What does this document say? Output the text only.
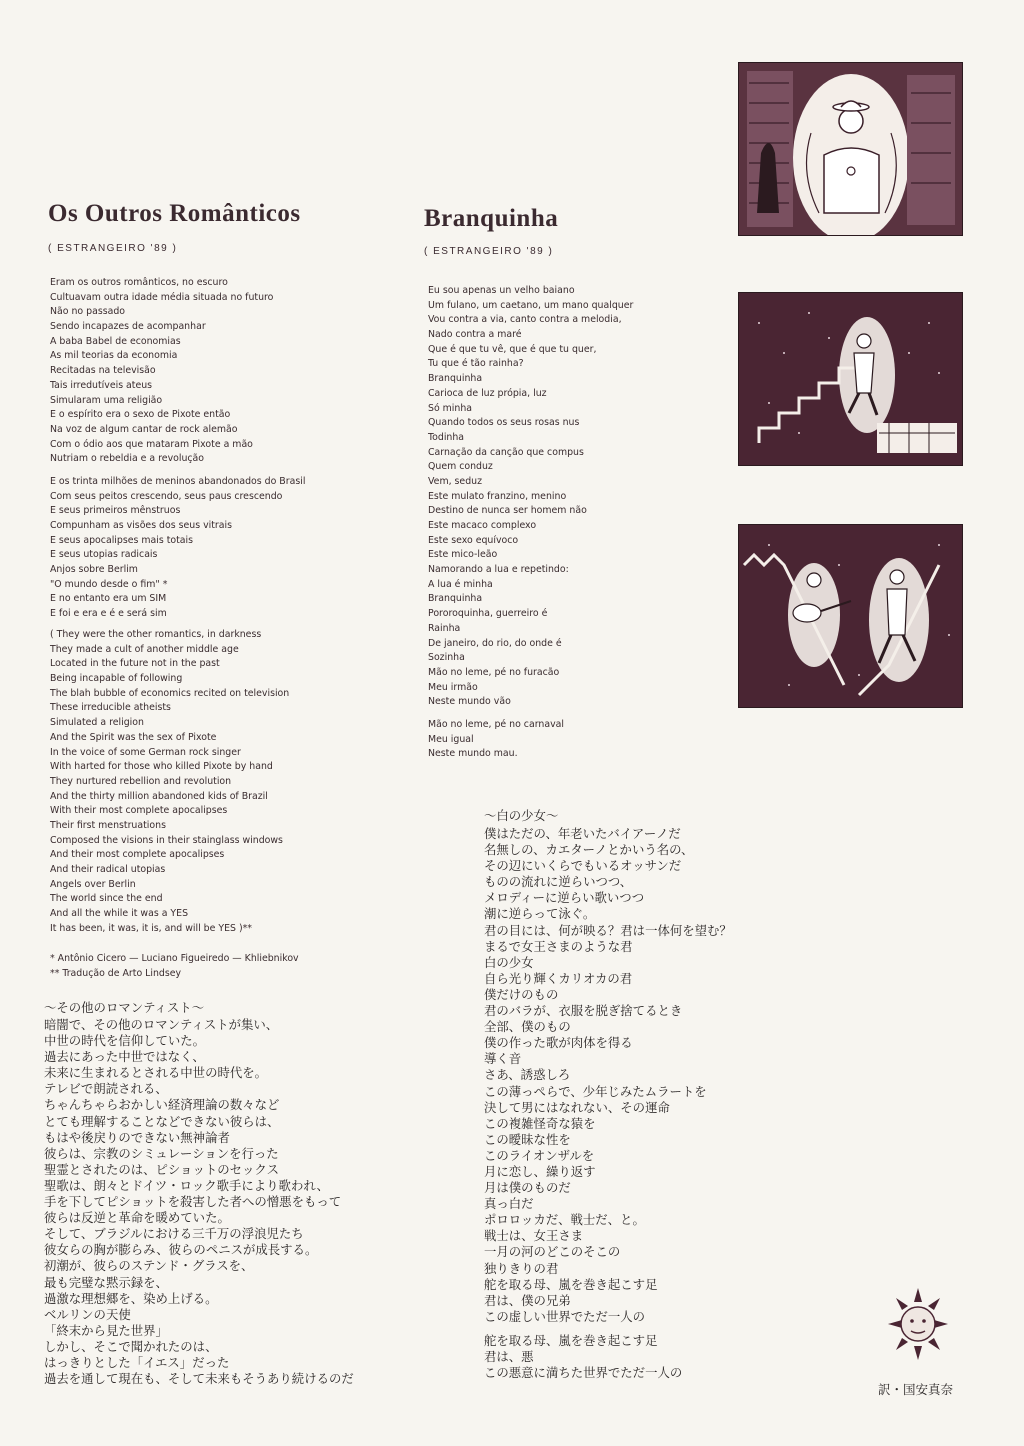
Os Outros Românticos
( ESTRANGEIRO '89 )
Branquinha
( ESTRANGEIRO '89 )
Eram os outros românticos, no escuro
Cultuavam outra idade média situada no futuro
Não no passado
Sendo incapazes de acompanhar
A baba Babel de economias
As mil teorias da economia
Recitadas na televisão
Tais irredutíveis ateus
Simularam uma religião
E o espírito era o sexo de Pixote então
Na voz de algum cantar de rock alemão
Com o ódio aos que mataram Pixote a mão
Nutriam o rebeldia e a revolução
E os trinta milhões de meninos abandonados do Brasil
Com seus peitos crescendo, seus paus crescendo
E seus primeiros mênstruos
Compunham as visões dos seus vitrais
E seus apocalipses mais totais
E seus utopias radicais
Anjos sobre Berlim
"O mundo desde o fim" *
E no entanto era um SIM
E foi e era e é e será sim
( They were the other romantics, in darkness
They made a cult of another middle age
Located in the future not in the past
Being incapable of following
The blah bubble of economics recited on television
These irreducible atheists
Simulated a religion
And the Spirit was the sex of Pixote
In the voice of some German rock singer
With harted for those who killed Pixote by hand
They nurtured rebellion and revolution
And the thirty million abandoned kids of Brazil
With their most complete apocalipses
Their first menstruations
Composed the visions in their stainglass windows
And their most complete apocalipses
And their radical utopias
Angels over Berlin
The world since the end
And all the while it was a YES
It has been, it was, it is, and will be YES )**
* Antônio Cicero — Luciano Figueiredo — Khliebnikov
** Tradução de Arto Lindsey
〜その他のロマンティスト〜
暗闇で、その他のロマンティストが集い、
中世の時代を信仰していた。
過去にあった中世ではなく、
未来に生まれるとされる中世の時代を。
テレビで朗読される、
ちゃんちゃらおかしい経済理論の数々など
とても理解することなどできない彼らは、
もはや後戻りのできない無神論者
彼らは、宗教のシミュレーションを行った
聖霊とされたのは、ピショットのセックス
聖歌は、朗々とドイツ・ロック歌手により歌われ、
手を下してピショットを殺害した者への憎悪をもって
彼らは反逆と革命を暖めていた。
そして、ブラジルにおける三千万の浮浪児たち
彼女らの胸が膨らみ、彼らのペニスが成長する。
初潮が、彼らのステンド・グラスを、
最も完璧な黙示録を、
過激な理想郷を、染め上げる。
ベルリンの天使
「終末から見た世界」
しかし、そこで聞かれたのは、
はっきりとした「イエス」だった
過去を通して現在も、そして未来もそうあり続けるのだ
Eu sou apenas un velho baiano
Um fulano, um caetano, um mano qualquer
Vou contra a via, canto contra a melodia,
Nado contra a maré
Que é que tu vê, que é que tu quer,
Tu que é tão rainha?
Branquinha
Carioca de luz própia, luz
Só minha
Quando todos os seus rosas nus
Todinha
Carnação da canção que compus
Quem conduz
Vem, seduz
Este mulato franzino, menino
Destino de nunca ser homem não
Este macaco complexo
Este sexo equívoco
Este mico-leão
Namorando a lua e repetindo:
A lua é minha
Branquinha
Pororoquinha, guerreiro é
Rainha
De janeiro, do rio, do onde é
Sozinha
Mão no leme, pé no furacão
Meu irmão
Neste mundo vão
Mão no leme, pé no carnaval
Meu igual
Neste mundo mau.
〜白の少女〜
僕はただの、年老いたバイアーノだ
名無しの、カエターノとかいう名の、
その辺にいくらでもいるオッサンだ
ものの流れに逆らいつつ、
メロディーに逆らい歌いつつ
潮に逆らって泳ぐ。
君の目には、何が映る？君は一体何を望む？
まるで女王さまのような君
白の少女
自ら光り輝くカリオカの君
僕だけのもの
君のバラが、衣服を脱ぎ捨てるとき
全部、僕のもの
僕の作った歌が肉体を得る
導く音
さあ、誘惑しろ
この薄っぺらで、少年じみたムラートを
決して男にはなれない、その運命
この複雑怪奇な猿を
この曖昧な性を
このライオンザルを
月に恋し、繰り返す
月は僕のものだ
真っ白だ
ポロロッカだ、戦士だ、と。
戦士は、女王さま
一月の河のどこのそこの
独りきりの君
舵を取る母、嵐を巻き起こす足
君は、僕の兄弟
この虚しい世界でただ一人の
舵を取る母、嵐を巻き起こす足
君は、悪
この悪意に満ちた世界でただ一人の
訳・国安真奈
